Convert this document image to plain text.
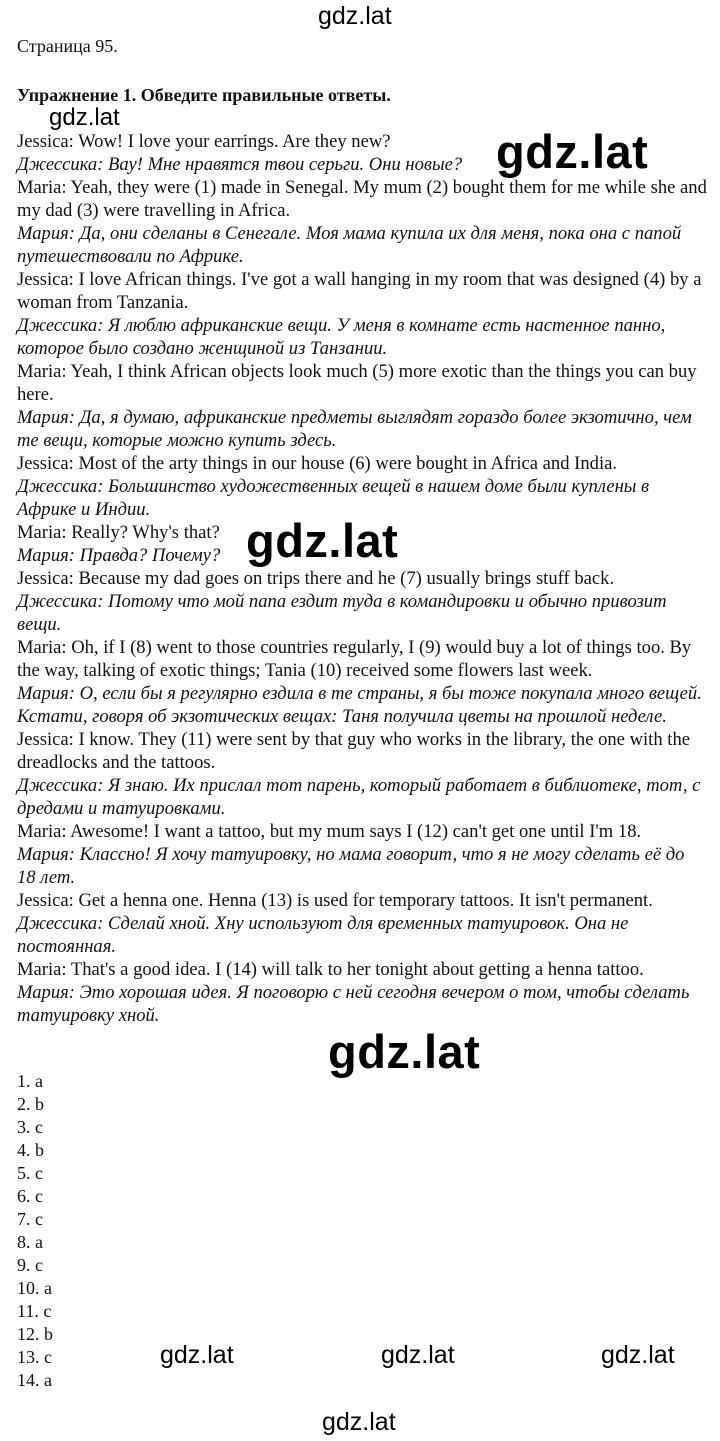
gdz.lat
gdz.lat
gdz.lat
gdz.lat
gdz.lat
gdz.lat	gdz.lat	gdz.lat
gdz.lat
Страница 95.
Упражнение 1. Обведите правильные ответы.

Jessica: Wow! I love your earrings. Are they new?

Джессика: Вау! Мне нравятся твои серьги. Они новые?

Maria: Yeah, they were (1) made in Senegal. My mum (2) bought them for me while she and my dad (3) were travelling in Africa.

Мария: Да, они сделаны в Сенегале. Моя мама купила их для меня, пока она с папой путешествовали по Африке.

Jessica: I love African things. I've got a wall hanging in my room that was designed (4) by a woman from Tanzania.

Джессика: Я люблю африканские вещи. У меня в комнате есть настенное панно, которое было создано женщиной из Танзании.

Maria: Yeah, I think African objects look much (5) more exotic than the things you can buy here.

Мария: Да, я думаю, африканские предметы выглядят гораздо более экзотично, чем те вещи, которые можно купить здесь.

Jessica: Most of the arty things in our house (6) were bought in Africa and India.

Джессика: Большинство художественных вещей в нашем доме были куплены в Африке и Индии.

Maria: Really? Why's that?

Мария: Правда? Почему?

Jessica: Because my dad goes on trips there and he (7) usually brings stuff back.

Джессика: Потому что мой папа ездит туда в командировки и обычно привозит вещи.

Maria: Oh, if I (8) went to those countries regularly, I (9) would buy a lot of things too. By the way, talking of exotic things; Tania (10) received some flowers last week.

Мария: О, если бы я регулярно ездила в те страны, я бы тоже покупала много вещей. Кстати, говоря об экзотических вещах: Таня получила цветы на прошлой неделе.

Jessica: I know. They (11) were sent by that guy who works in the library, the one with the dreadlocks and the tattoos.

Джессика: Я знаю. Их прислал тот парень, который работает в библиотеке, тот, с дредами и татуировками.

Maria: Awesome! I want a tattoo, but my mum says I (12) can't get one until I'm 18.

Мария: Классно! Я хочу татуировку, но мама говорит, что я не могу сделать её до 18 лет.

Jessica: Get a henna one. Henna (13) is used for temporary tattoos. It isn't permanent.

Джессика: Сделай хной. Хну используют для временных татуировок. Она не постоянная.

Maria: That's a good idea. I (14) will talk to her tonight about getting a henna tattoo.

Мария: Это хорошая идея. Я поговорю с ней сегодня вечером о том, чтобы сделать татуировку хной.

1. a
2. b
3. c
4. b
5. c
6. c
7. c
8. a
9. c
10. a
11. c
12. b
13. c
14. a
